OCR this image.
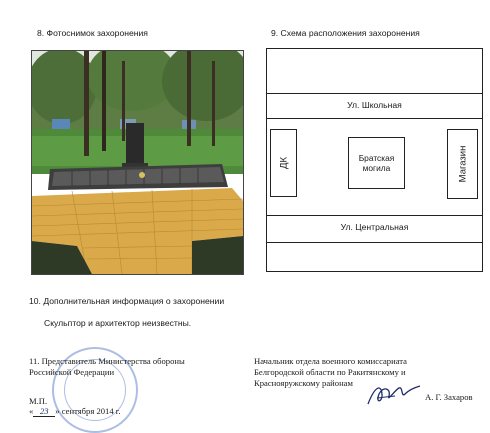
8. Фотоснимок захоронения	9. Схема расположения захоронения
Ул. Школьная
Ул. Центральная
ДК	Братская
могила	Магазин
10. Дополнительная информация о захоронении
Скульптор и архитектор неизвестны.
11. Представитель Министерства обороны
Российской Федерации
М.П.
« 23 » сентября 2014 г.
Начальник отдела военного комиссариата
Белгородской области по Ракитянскому и
Краснояружскому районам
А. Г. Захаров
